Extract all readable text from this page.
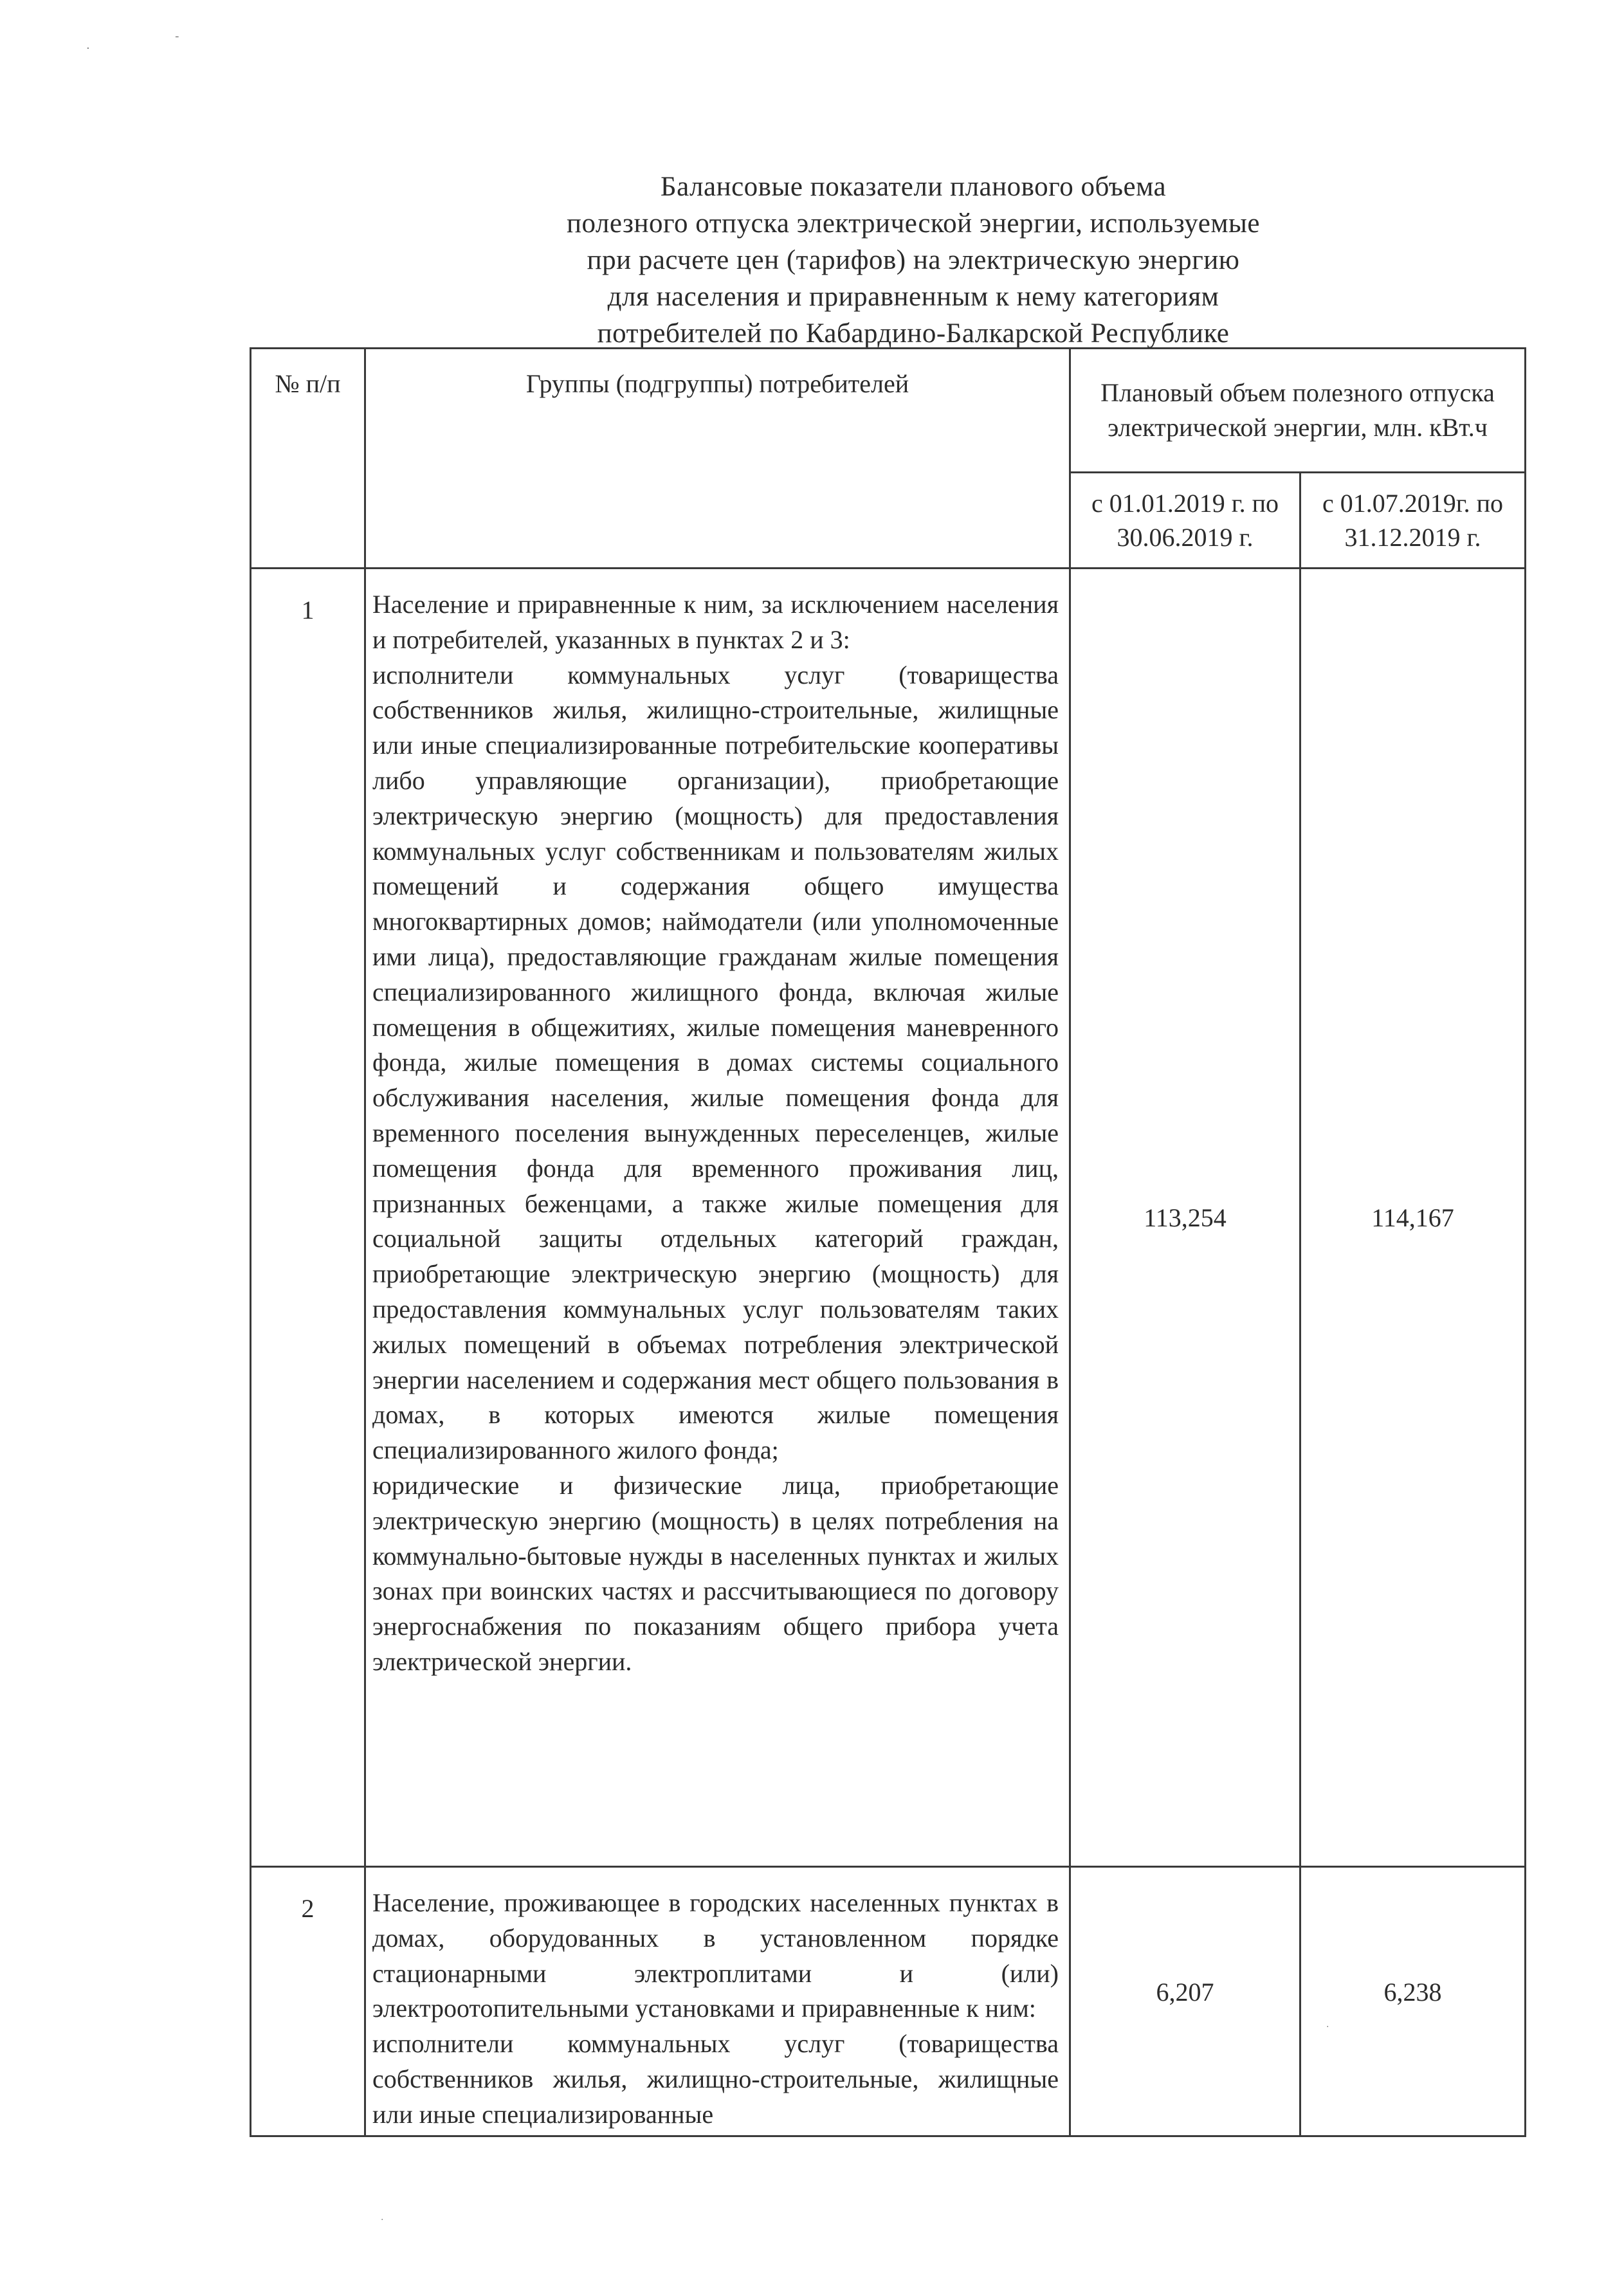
Балансовые показатели планового объема
полезного отпуска электрической энергии, используемые
при расчете цен (тарифов) на электрическую энергию
для населения и приравненным к нему категориям
потребителей по Кабардино-Балкарской Республике
№ п/п	Группы (подгруппы) потребителей	Плановый объем полезного отпуска электрической энергии, млн. кВт.ч	
		с 01.01.2019 г. по 30.06.2019 г.	с 01.07.2019г. по 31.12.2019 г.
1	Население и приравненные к ним, за исключением населения и потребителей, указанных в пунктах 2 и 3:
исполнители коммунальных услуг (товарищества собственников жилья, жилищно-строительные, жилищные или иные специализированные потребительские кооперативы либо управляющие организации), приобретающие электрическую энергию (мощность) для предоставления коммунальных услуг собственникам и пользователям жилых помещений и содержания общего имущества многоквартирных домов; наймодатели (или уполномоченные ими лица), предоставляющие гражданам жилые помещения специализированного жилищного фонда, включая жилые помещения в общежитиях, жилые помещения маневренного фонда, жилые помещения в домах системы социального обслуживания населения, жилые помещения фонда для временного поселения вынужденных переселенцев, жилые помещения фонда для временного проживания лиц, признанных беженцами, а также жилые помещения для социальной защиты отдельных категорий граждан, приобретающие электрическую энергию (мощность) для предоставления коммунальных услуг пользователям таких жилых помещений в объемах потребления электрической энергии населением и содержания мест общего пользования в домах, в которых имеются жилые помещения специализированного жилого фонда;
юридические и физические лица, приобретающие электрическую энергию (мощность) в целях потребления на коммунально-бытовые нужды в населенных пунктах и жилых зонах при воинских частях и рассчитывающиеся по договору энергоснабжения по показаниям общего прибора учета электрической энергии.	113,254	114,167
2	Население, проживающее в городских населенных пунктах в домах, оборудованных в установленном порядке стационарными электроплитами и (или) электроотопительными установками и приравненные к ним:
исполнители коммунальных услуг (товарищества собственников жилья, жилищно-строительные, жилищные или иные специализированные	6,207	6,238
.
-
.
.
